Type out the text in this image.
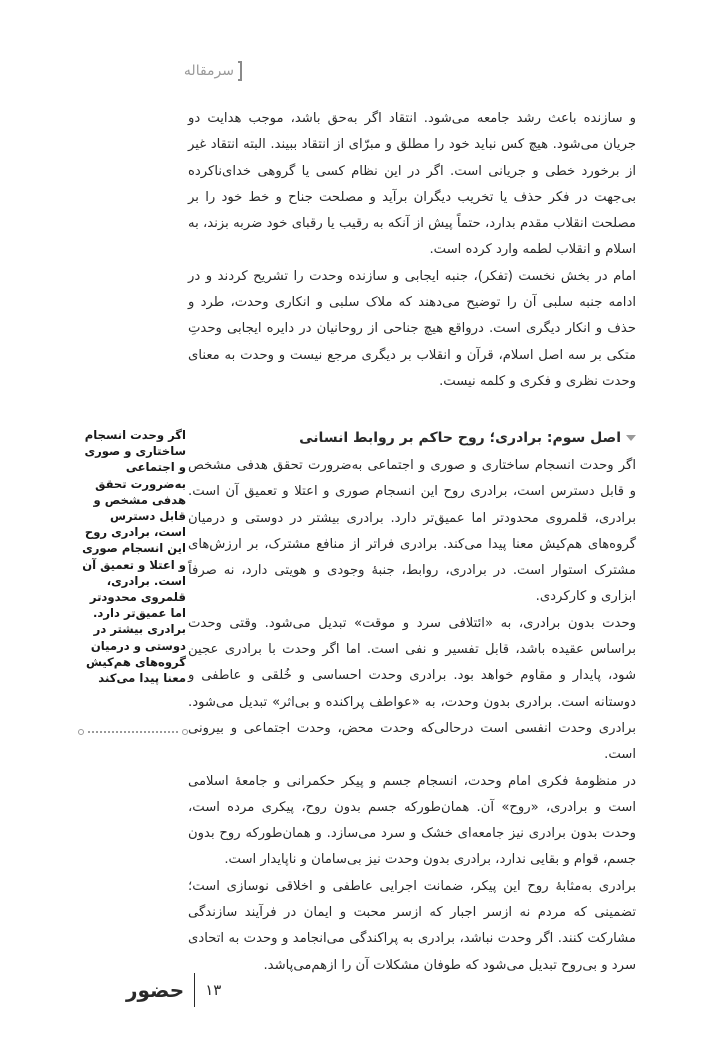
سرمقاله

و سازنده باعث رشد جامعه می‌شود. انتقاد اگر به‌حق باشد، موجب هدایت دو جریان می‌شود. هیچ کس نباید خود را مطلق و مبرّای از انتقاد ببیند. البته انتقاد غیر از برخورد خطی و جریانی است. اگر در این نظام کسی یا گروهی خدای‌ناکرده بی‌جهت در فکر حذف یا تخریب دیگران برآید و مصلحت جناح و خط خود را بر مصلحت انقلاب مقدم بدارد، حتماً پیش از آنکه به رقیب یا رقبای خود ضربه بزند، به اسلام و انقلاب لطمه وارد کرده است.

امام در بخش نخست (تفکر)، جنبه ایجابی و سازنده وحدت را تشریح کردند و در ادامه جنبه سلبی آن را توضیح می‌دهند که ملاک سلبی و انکاری وحدت، طرد و حذف و انکار دیگری است. درواقع هیچ جناحی از روحانیان در دایره ایجابی وحدتِ متکی بر سه اصل اسلام، قرآن و انقلاب بر دیگری مرجع نیست و وحدت به معنای وحدت نظری و فکری و کلمه نیست.

اصل سوم: برادری؛ روح حاکم بر روابط انسانی

اگر وحدت انسجام ساختاری و صوری و اجتماعی به‌ضرورت تحقق هدفی مشخص و قابل دسترس است، برادری روح این انسجام صوری و اعتلا و تعمیق آن است. برادری، قلمروی محدودتر اما عمیق‌تر دارد. برادری بیشتر در دوستی و درمیان گروه‌های هم‌کیش معنا پیدا می‌کند. برادری فراتر از منافع مشترک، بر ارزش‌های مشترک استوار است. در برادری، روابط، جنبهٔ وجودی و هویتی دارد، نه صرفاً ابزاری و کارکردی.

وحدت بدون برادری، به «ائتلافی سرد و موقت» تبدیل می‌شود. وقتی وحدت براساس عقیده باشد، قابل تفسیر و نفی است. اما اگر وحدت با برادری عجین شود، پایدار و مقاوم خواهد بود. برادری وحدت احساسی و خُلقی و عاطفی و دوستانه است. برادری بدون وحدت، به «عواطف پراکنده و بی‌اثر» تبدیل می‌شود. برادری وحدت انفسی است درحالی‌که وحدت محض، وحدت اجتماعی و بیرونی است.

در منظومهٔ فکری امام وحدت، انسجام جسم و پیکر حکمرانی و جامعهٔ اسلامی است و برادری، «روح» آن. همان‌طورکه جسم بدون روح، پیکری مرده است، وحدت بدون برادری نیز جامعه‌ای خشک و سرد می‌سازد. و همان‌طورکه روح بدون جسم، قوام و بقایی ندارد، برادری بدون وحدت نیز بی‌سامان و ناپایدار است.

برادری به‌مثابهٔ روح این پیکر، ضمانت اجرایی عاطفی و اخلاقی نوسازی است؛ تضمینی که مردم نه ازسر اجبار که ازسر محبت و ایمان در فرآیند سازندگی مشارکت کنند. اگر وحدت نباشد، برادری به پراکندگی می‌انجامد و وحدت به اتحادی سرد و بی‌روح تبدیل می‌شود که طوفان مشکلات آن را ازهم‌می‌پاشد.

اگر وحدت انسجام ساختاری و صوری و اجتماعی به‌ضرورت تحقق هدفی مشخص و قابل دسترس است، برادری روح این انسجام صوری و اعتلا و تعمیق آن است. برادری، قلمروی محدودتر اما عمیق‌تر دارد. برادری بیشتر در دوستی و درمیان گروه‌های هم‌کیش معنا پیدا می‌کند
حضور ۱۳
